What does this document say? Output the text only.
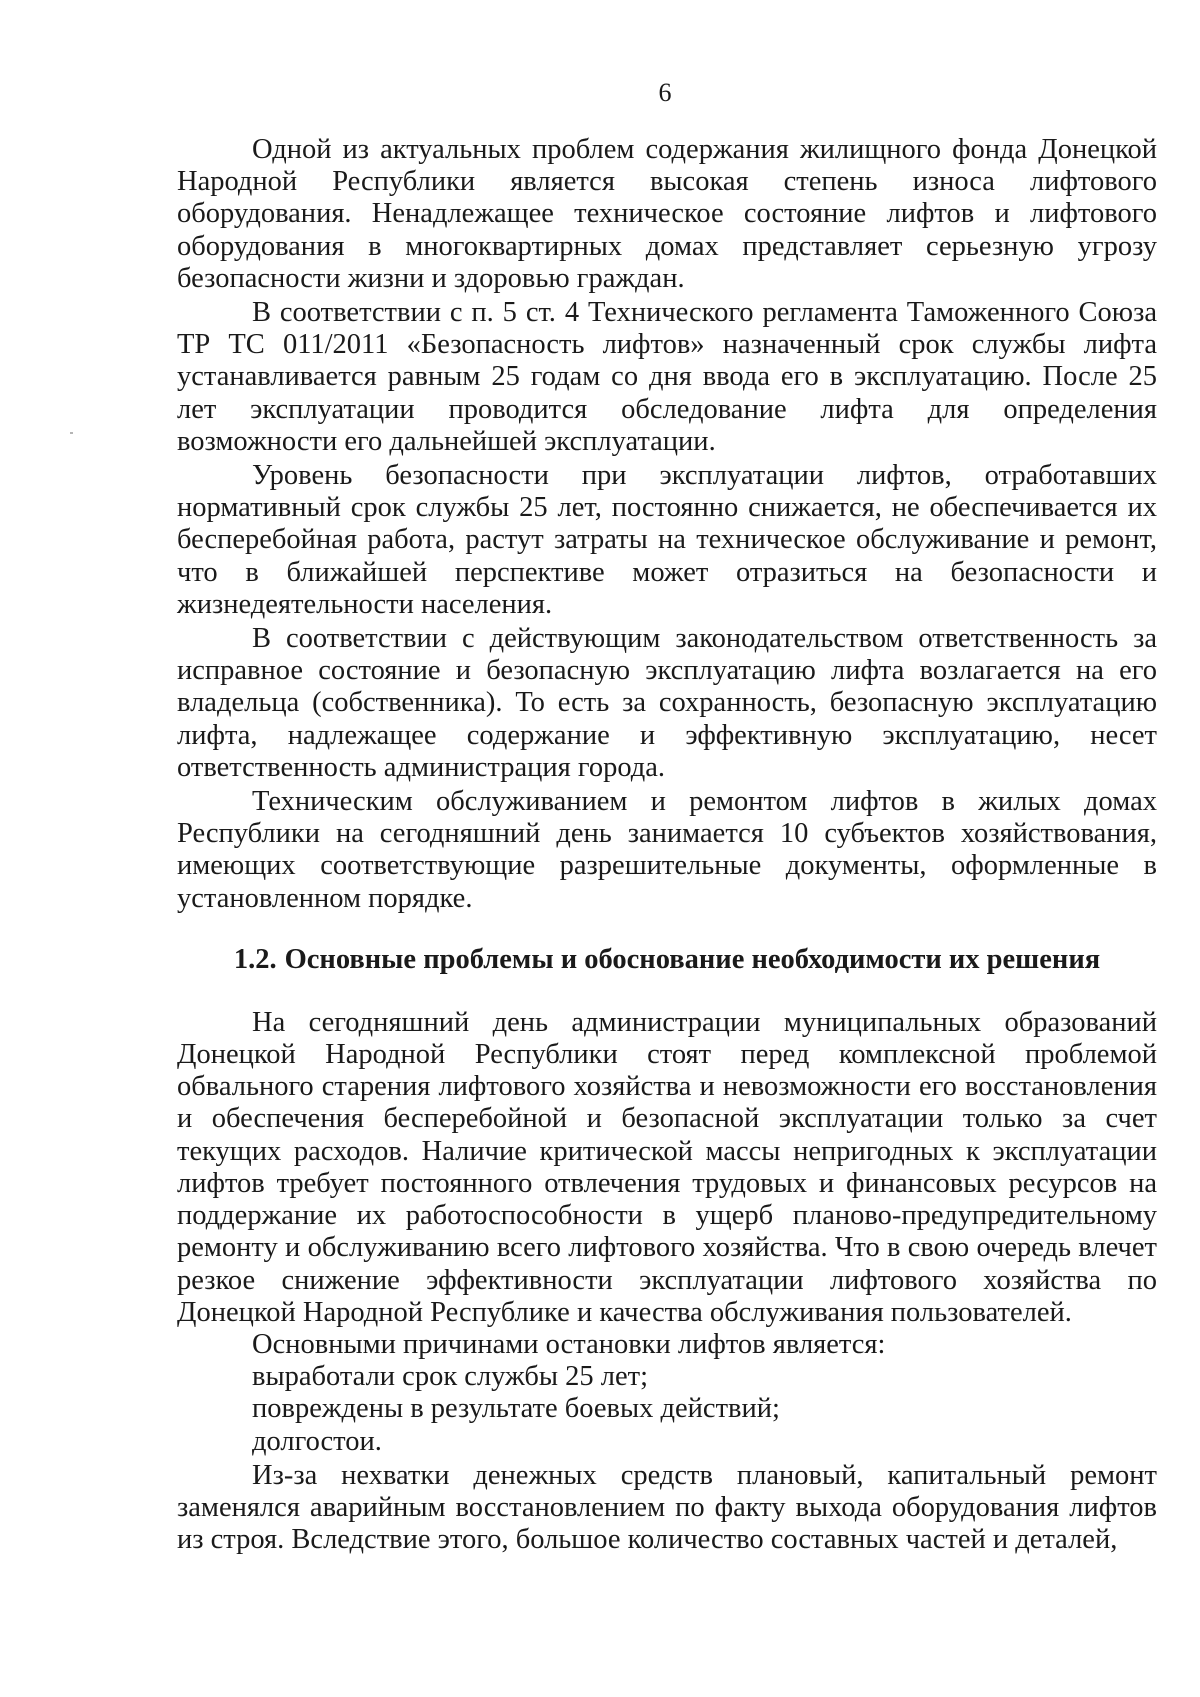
6

Одной из актуальных проблем содержания жилищного фонда Донецкой Народной Республики является высокая степень износа лифтового оборудования. Ненадлежащее техническое состояние лифтов и лифтового оборудования в многоквартирных домах представляет серьезную угрозу безопасности жизни и здоровью граждан.

В соответствии с п. 5 ст. 4 Технического регламента Таможенного Союза ТР ТС 011/2011 «Безопасность лифтов» назначенный срок службы лифта устанавливается равным 25 годам со дня ввода его в эксплуатацию. После 25 лет эксплуатации проводится обследование лифта для определения возможности его дальнейшей эксплуатации.

Уровень безопасности при эксплуатации лифтов, отработавших нормативный срок службы 25 лет, постоянно снижается, не обеспечивается их бесперебойная работа, растут затраты на техническое обслуживание и ремонт, что в ближайшей перспективе может отразиться на безопасности и жизнедеятельности населения.

В соответствии с действующим законодательством ответственность за исправное состояние и безопасную эксплуатацию лифта возлагается на его владельца (собственника). То есть за сохранность, безопасную эксплуатацию лифта, надлежащее содержание и эффективную эксплуатацию, несет ответственность администрация города.

Техническим обслуживанием и ремонтом лифтов в жилых домах Республики на сегодняшний день занимается 10 субъектов хозяйствования, имеющих соответствующие разрешительные документы, оформленные в установленном порядке.

1.2. Основные проблемы и обоснование необходимости их решения

На сегодняшний день администрации муниципальных образований Донецкой Народной Республики стоят перед комплексной проблемой обвального старения лифтового хозяйства и невозможности его восстановления и обеспечения бесперебойной и безопасной эксплуатации только за счет текущих расходов. Наличие критической массы непригодных к эксплуатации лифтов требует постоянного отвлечения трудовых и финансовых ресурсов на поддержание их работоспособности в ущерб планово-предупредительному ремонту и обслуживанию всего лифтового хозяйства. Что в свою очередь влечет резкое снижение эффективности эксплуатации лифтового хозяйства по Донецкой Народной Республике и качества обслуживания пользователей.

Основными причинами остановки лифтов является:

выработали срок службы 25 лет;

повреждены в результате боевых действий;

долгостои.

Из-за нехватки денежных средств плановый, капитальный ремонт заменялся аварийным восстановлением по факту выхода оборудования лифтов из строя. Вследствие этого, большое количество составных частей и деталей,
